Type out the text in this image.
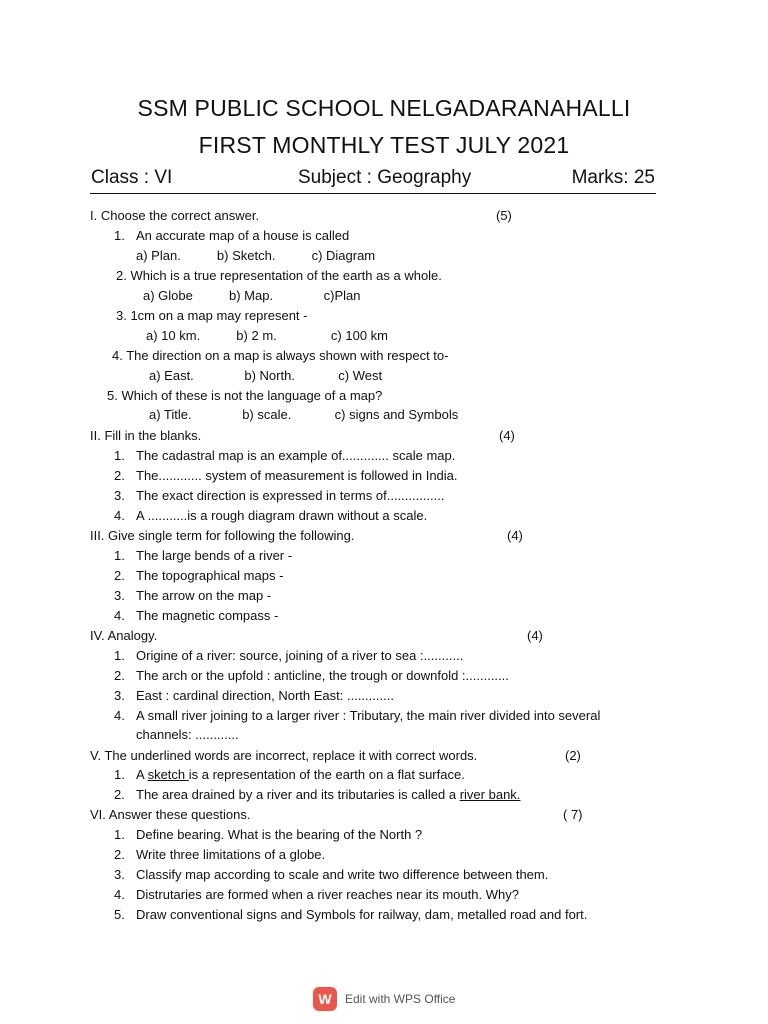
SSM PUBLIC SCHOOL NELGADARANAHALLI
FIRST MONTHLY TEST JULY 2021
Class : VI	Subject : Geography	Marks: 25
I. Choose the correct answer.	(5)
1. An accurate map of a house is called
a) Plan.          b) Sketch.          c) Diagram
2. Which is a true representation of the earth as a whole.
a) Globe          b) Map.              c)Plan
3. 1cm on a map may represent -
a) 10 km.          b) 2 m.               c) 100 km
4. The direction on a map is always shown with respect to-
a) East.              b) North.            c) West
5. Which of these is not the language of a map?
a) Title.              b) scale.            c) signs and Symbols
II. Fill in the blanks.	(4)
1. The cadastral map is an example of............. scale map.
2. The............ system of measurement is followed in India.
3. The exact direction is expressed in terms of................
4. A ...........is a rough diagram drawn without a scale.
III. Give single term for following the following.	(4)
1. The large bends of a river -
2. The topographical maps -
3. The arrow on the map -
4. The magnetic compass -
IV. Analogy.	(4)
1. Origine of a river: source, joining of a river to sea :...........
2. The arch or the upfold : anticline, the trough or downfold :............
3. East : cardinal direction, North East: .............
4. A small river joining to a larger river : Tributary, the main river divided into several
channels: ............
V. The underlined words are incorrect, replace it with correct words.	(2)
1. A sketch is a representation of the earth on a flat surface.
2. The area drained by a river and its tributaries is called a river bank.
VI. Answer these questions.	( 7)
1. Define bearing. What is the bearing of the North ?
2. Write three limitations of a globe.
3. Classify map according to scale and write two difference between them.
4. Distrutaries are formed when a river reaches near its mouth. Why?
5. Draw conventional signs and Symbols for railway, dam, metalled road and fort.
W	Edit with WPS Office
